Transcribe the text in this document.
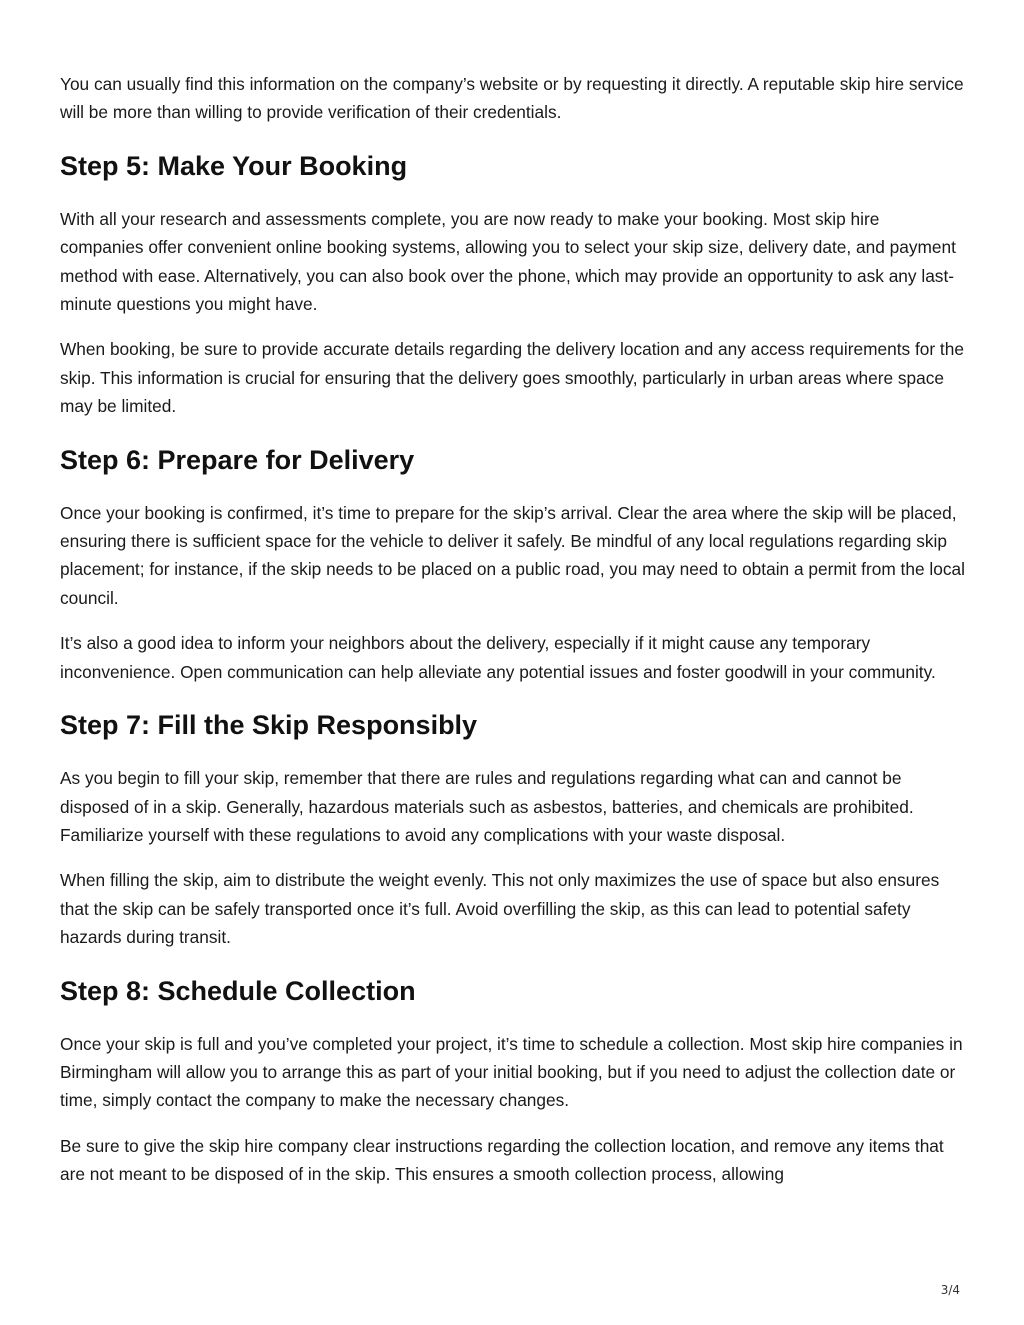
You can usually find this information on the company’s website or by requesting it directly. A reputable skip hire service will be more than willing to provide verification of their credentials.

Step 5: Make Your Booking

With all your research and assessments complete, you are now ready to make your booking. Most skip hire companies offer convenient online booking systems, allowing you to select your skip size, delivery date, and payment method with ease. Alternatively, you can also book over the phone, which may provide an opportunity to ask any last-minute questions you might have.

When booking, be sure to provide accurate details regarding the delivery location and any access requirements for the skip. This information is crucial for ensuring that the delivery goes smoothly, particularly in urban areas where space may be limited.

Step 6: Prepare for Delivery

Once your booking is confirmed, it’s time to prepare for the skip’s arrival. Clear the area where the skip will be placed, ensuring there is sufficient space for the vehicle to deliver it safely. Be mindful of any local regulations regarding skip placement; for instance, if the skip needs to be placed on a public road, you may need to obtain a permit from the local council.

It’s also a good idea to inform your neighbors about the delivery, especially if it might cause any temporary inconvenience. Open communication can help alleviate any potential issues and foster goodwill in your community.

Step 7: Fill the Skip Responsibly

As you begin to fill your skip, remember that there are rules and regulations regarding what can and cannot be disposed of in a skip. Generally, hazardous materials such as asbestos, batteries, and chemicals are prohibited. Familiarize yourself with these regulations to avoid any complications with your waste disposal.

When filling the skip, aim to distribute the weight evenly. This not only maximizes the use of space but also ensures that the skip can be safely transported once it’s full. Avoid overfilling the skip, as this can lead to potential safety hazards during transit.

Step 8: Schedule Collection

Once your skip is full and you’ve completed your project, it’s time to schedule a collection. Most skip hire companies in Birmingham will allow you to arrange this as part of your initial booking, but if you need to adjust the collection date or time, simply contact the company to make the necessary changes.

Be sure to give the skip hire company clear instructions regarding the collection location, and remove any items that are not meant to be disposed of in the skip. This ensures a smooth collection process, allowing

3/4
